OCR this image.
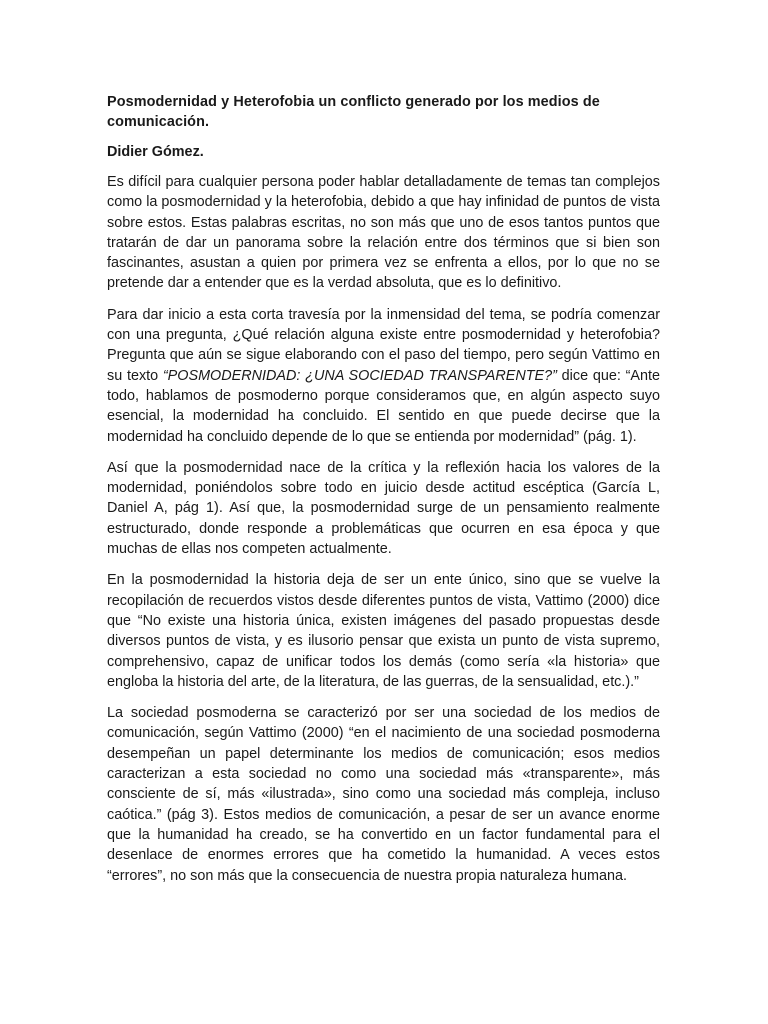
Posmodernidad y Heterofobia un conflicto generado por los medios de comunicación.

Didier Gómez.

Es difícil para cualquier persona poder hablar detalladamente de temas tan complejos como la posmodernidad y la heterofobia, debido a que hay infinidad de puntos de vista sobre estos. Estas palabras escritas, no son más que uno de esos tantos puntos que tratarán de dar un panorama sobre la relación entre dos términos que si bien son fascinantes, asustan a quien por primera vez se enfrenta a ellos, por lo que no se pretende dar a entender que es la verdad absoluta, que es lo definitivo.

Para dar inicio a esta corta travesía por la inmensidad del tema, se podría comenzar con una pregunta, ¿Qué relación alguna existe entre posmodernidad y heterofobia? Pregunta que aún se sigue elaborando con el paso del tiempo, pero según Vattimo en su texto “POSMODERNIDAD: ¿UNA SOCIEDAD TRANSPARENTE?” dice que: “Ante todo, hablamos de posmoderno porque consideramos que, en algún aspecto suyo esencial, la modernidad ha concluido. El sentido en que puede decirse que la modernidad ha concluido depende de lo que se entienda por modernidad” (pág. 1).

Así que la posmodernidad nace de la crítica y la reflexión hacia los valores de la modernidad, poniéndolos sobre todo en juicio desde actitud escéptica (García L, Daniel A, pág 1). Así que, la posmodernidad surge de un pensamiento realmente estructurado, donde responde a problemáticas que ocurren en esa época y que muchas de ellas nos competen actualmente.

En la posmodernidad la historia deja de ser un ente único, sino que se vuelve la recopilación de recuerdos vistos desde diferentes puntos de vista, Vattimo (2000) dice que “No existe una historia única, existen imágenes del pasado propuestas desde diversos puntos de vista, y es ilusorio pensar que exista un punto de vista supremo, comprehensivo, capaz de unificar todos los demás (como sería «la historia» que engloba la historia del arte, de la literatura, de las guerras, de la sensualidad, etc.).”

La sociedad posmoderna se caracterizó por ser una sociedad de los medios de comunicación, según Vattimo (2000) “en el nacimiento de una sociedad posmoderna desempeñan un papel determinante los medios de comunicación; esos medios caracterizan a esta sociedad no como una sociedad más «transparente», más consciente de sí, más «ilustrada», sino como una sociedad más compleja, incluso caótica.” (pág 3). Estos medios de comunicación, a pesar de ser un avance enorme que la humanidad ha creado, se ha convertido en un factor fundamental para el desenlace de enormes errores que ha cometido la humanidad. A veces estos “errores”, no son más que la consecuencia de nuestra propia naturaleza humana.
